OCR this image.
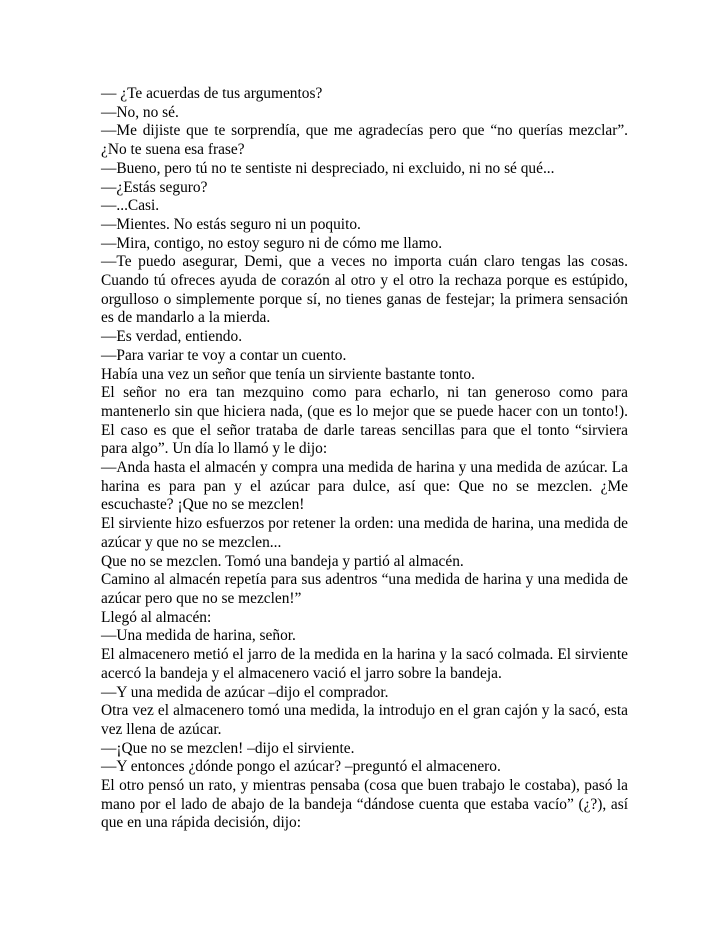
— ¿Te acuerdas de tus argumentos?

—No, no sé.

—Me dijiste que te sorprendía, que me agradecías pero que “no querías mezclar”. ¿No te suena esa frase?

—Bueno, pero tú no te sentiste ni despreciado, ni excluido, ni no sé qué...

—¿Estás seguro?

—...Casi.

—Mientes. No estás seguro ni un poquito.

—Mira, contigo, no estoy seguro ni de cómo me llamo.

—Te puedo asegurar, Demi, que a veces no importa cuán claro tengas las cosas. Cuando tú ofreces ayuda de corazón al otro y el otro la rechaza porque es estúpido, orgulloso o simplemente porque sí, no tienes ganas de festejar; la primera sensación es de mandarlo a la mierda.

—Es verdad, entiendo.

—Para variar te voy a contar un cuento.

Había una vez un señor que tenía un sirviente bastante tonto.

El señor no era tan mezquino como para echarlo, ni tan generoso como para mantenerlo sin que hiciera nada, (que es lo mejor que se puede hacer con un tonto!). El caso es que el señor trataba de darle tareas sencillas para que el tonto “sirviera para algo”. Un día lo llamó y le dijo:

—Anda hasta el almacén y compra una medida de harina y una medida de azúcar. La harina es para pan y el azúcar para dulce, así que: Que no se mezclen. ¿Me escuchaste? ¡Que no se mezclen!

El sirviente hizo esfuerzos por retener la orden: una medida de harina, una medida de azúcar y que no se mezclen...

Que no se mezclen. Tomó una bandeja y partió al almacén.

Camino al almacén repetía para sus adentros “una medida de harina y una medida de azúcar pero que no se mezclen!”

Llegó al almacén:

—Una medida de harina, señor.

El almacenero metió el jarro de la medida en la harina y la sacó colmada. El sirviente acercó la bandeja y el almacenero vació el jarro sobre la bandeja.

—Y una medida de azúcar –dijo el comprador.

Otra vez el almacenero tomó una medida, la introdujo en el gran cajón y la sacó, esta vez llena de azúcar.

—¡Que no se mezclen! –dijo el sirviente.

—Y entonces ¿dónde pongo el azúcar? –preguntó el almacenero.

El otro pensó un rato, y mientras pensaba (cosa que buen trabajo le costaba), pasó la mano por el lado de abajo de la bandeja “dándose cuenta que estaba vacío” (¿?), así que en una rápida decisión, dijo:
